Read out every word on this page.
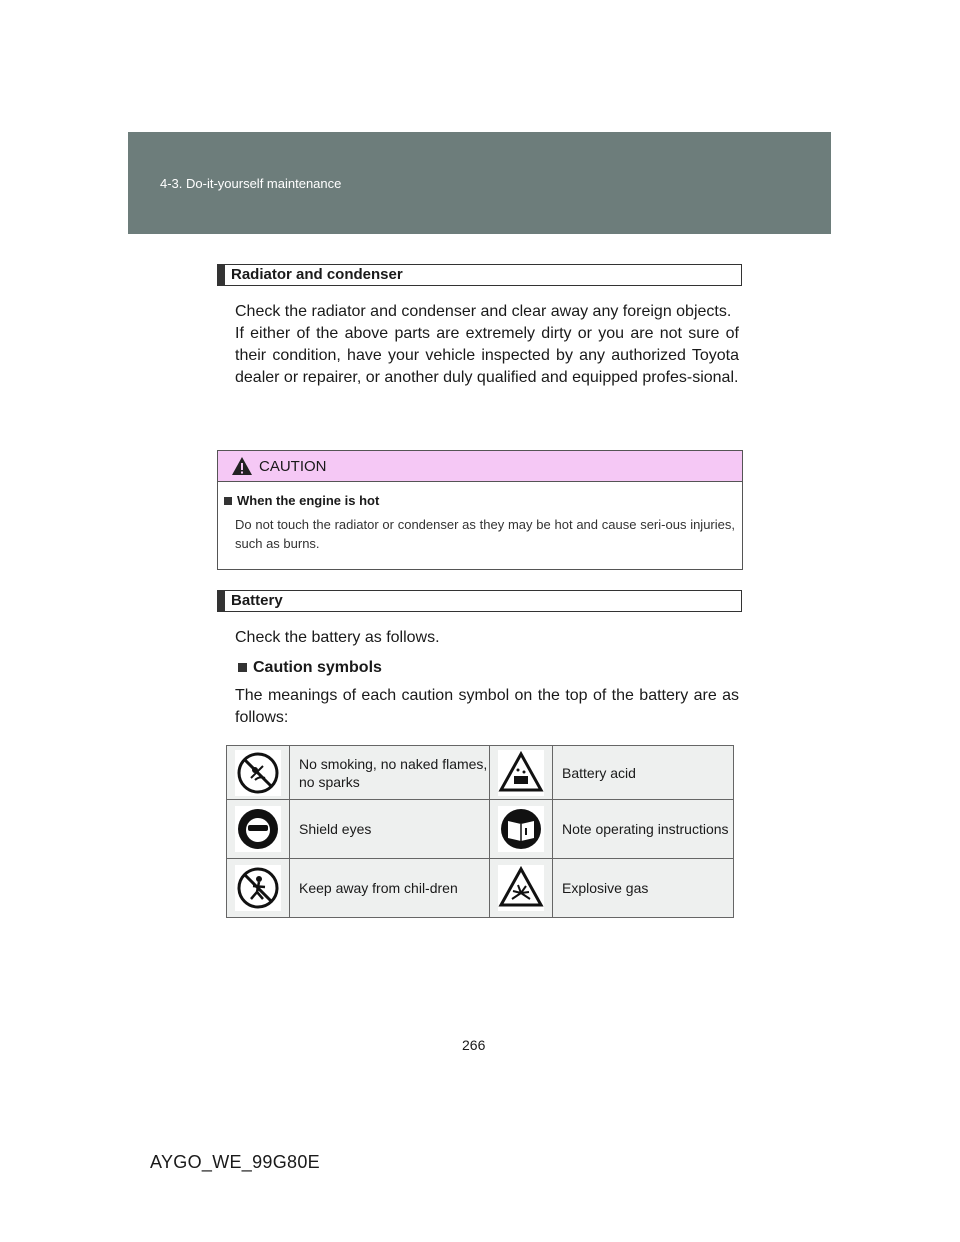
4-3. Do-it-yourself maintenance
Radiator and condenser
Check the radiator and condenser and clear away any foreign objects.
If either of the above parts are extremely dirty or you are not sure of their condition, have your vehicle inspected by any authorized Toyota dealer or repairer, or another duly qualified and equipped profes-sional.
CAUTION
When the engine is hot
Do not touch the radiator or condenser as they may be hot and cause seri-ous injuries, such as burns.
Battery
Check the battery as follows.
Caution symbols
The meanings of each caution symbol on the top of the battery are as follows:
	No smoking, no naked flames, no sparks		Battery acid
	Shield eyes		Note operating instructions
	Keep away from chil-dren		Explosive gas
266
AYGO_WE_99G80E
